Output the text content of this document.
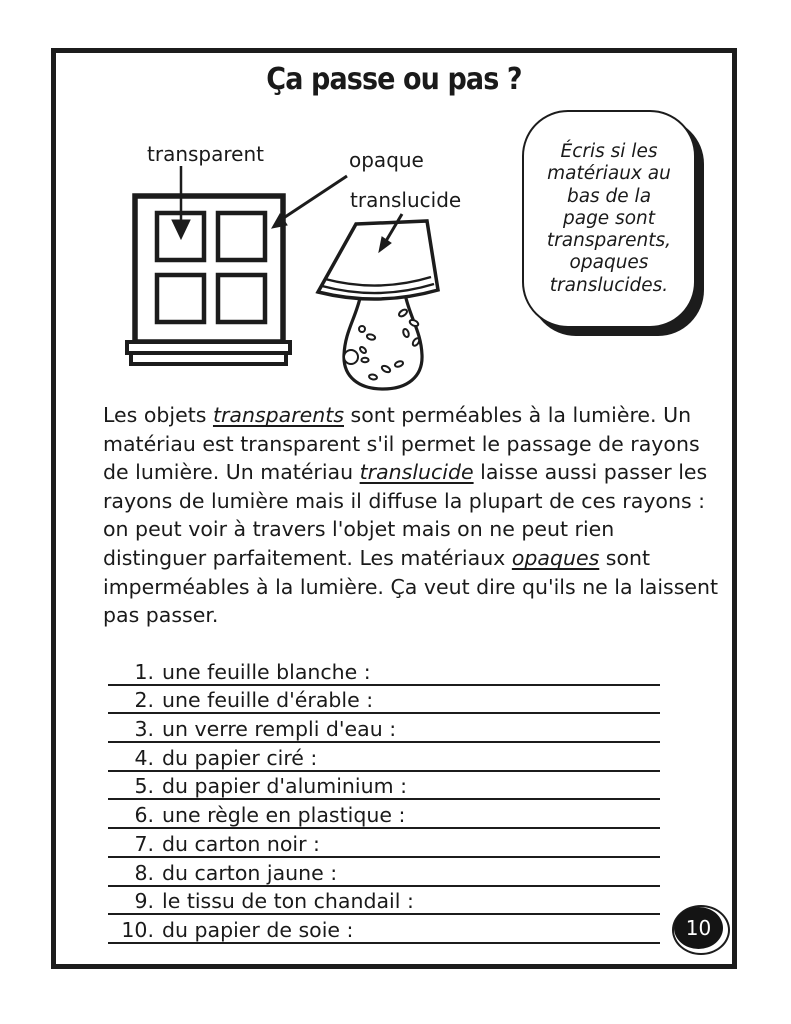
Ça passe ou pas ?
transparent	opaque
translucide
Écris si les
matériaux au
bas de la
page sont
transparents,
opaques
translucides.
Les objets transparents sont perméables à la lumière. Un matériau est transparent s'il permet le passage de rayons de lumière. Un matériau translucide laisse aussi passer les rayons de lumière mais il diffuse la plupart de ces rayons : on peut voir à travers l'objet mais on ne peut rien distinguer parfaitement. Les matériaux opaques sont imperméables à la lumière. Ça veut dire qu'ils ne la laissent pas passer.
1. une feuille blanche :
2. une feuille d'érable :
3. un verre rempli d'eau :
4. du papier ciré :
5. du papier d'aluminium :
6. une règle en plastique :
7. du carton noir :
8. du carton jaune :
9. le tissu de ton chandail :
10. du papier de soie :	10
